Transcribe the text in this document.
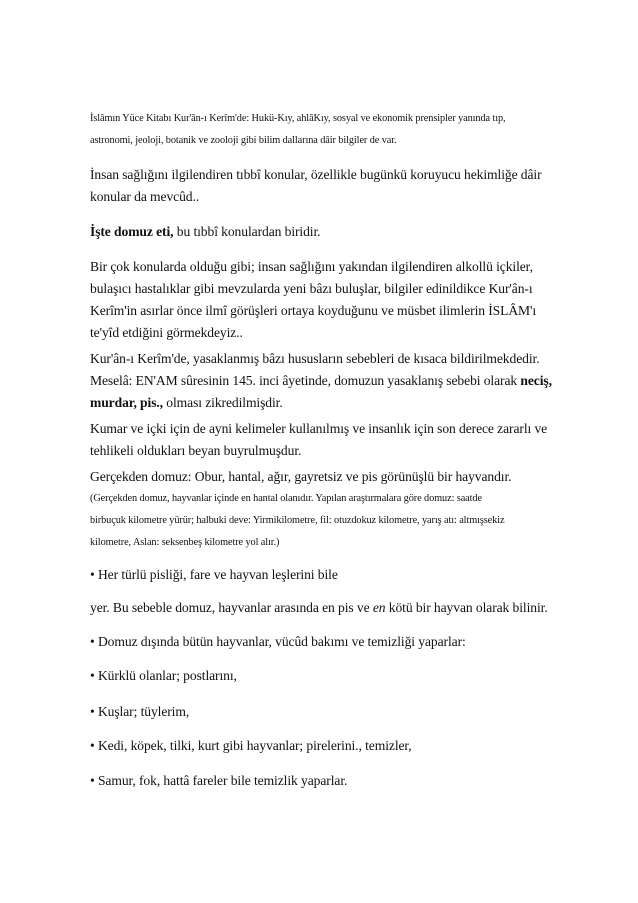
İslâmın Yüce Kitabı Kur'ân-ı Kerîm'de: Hukü-Kıy, ahlâKıy, sosyal ve ekonomik prensipler yanında tıp,
astronomi, jeoloji, botanik ve zooloji gibi bilim dallarına dâir bilgiler de var.

İnsan sağlığını ilgilendiren tıbbî konular, özellikle bugünkü koruyucu hekimliğe dâir
konular da mevcûd..

İşte domuz eti, bu tıbbî konulardan biridir.

Bir çok konularda olduğu gibi; insan sağlığını yakından ilgilendiren alkollü içkiler,
bulaşıcı hastalıklar gibi mevzularda yeni bâzı buluşlar, bilgiler edinildikce Kur'ân-ı
Kerîm'in asırlar önce ilmî görüşleri ortaya koyduğunu ve müsbet ilimlerin İSLÂM'ı
te'yîd etdiğini görmekdeyiz..

Kur'ân-ı Kerîm'de, yasaklanmış bâzı hususların sebebleri de kısaca bildirilmekdedir.
Meselâ: EN'AM sûresinin 145. inci âyetinde, domuzun yasaklanış sebebi olarak neciş,
murdar, pis., olması zikredilmişdir.

Kumar ve içki için de ayni kelimeler kullanılmış ve insanlık için son derece zararlı ve
tehlikeli oldukları beyan buyrulmuşdur.

Gerçekden domuz: Obur, hantal, ağır, gayretsiz ve pis görünüşlü bir hayvandır.

(Gerçekden domuz, hayvanlar içinde en hantal olanıdır. Yapılan araştırmalara göre domuz: saatde
birbuçuk kilometre yürür; halbuki deve: Yirmikilometre, fil: otuzdokuz kilometre, yarış atı: altmışsekiz
kilometre, Aslan: seksenbeş kilometre yol alır.)

• Her türlü pisliği, fare ve hayvan leşlerini bile

yer. Bu sebeble domuz, hayvanlar arasında en pis ve en kötü bir hayvan olarak bilinir.

• Domuz dışında bütün hayvanlar, vücûd bakımı ve temizliği yaparlar:

• Kürklü olanlar; postlarını,

• Kuşlar; tüylerim,

• Kedi, köpek, tilki, kurt gibi hayvanlar; pirelerini., temizler,

• Samur, fok, hattâ fareler bile temizlik yaparlar.
